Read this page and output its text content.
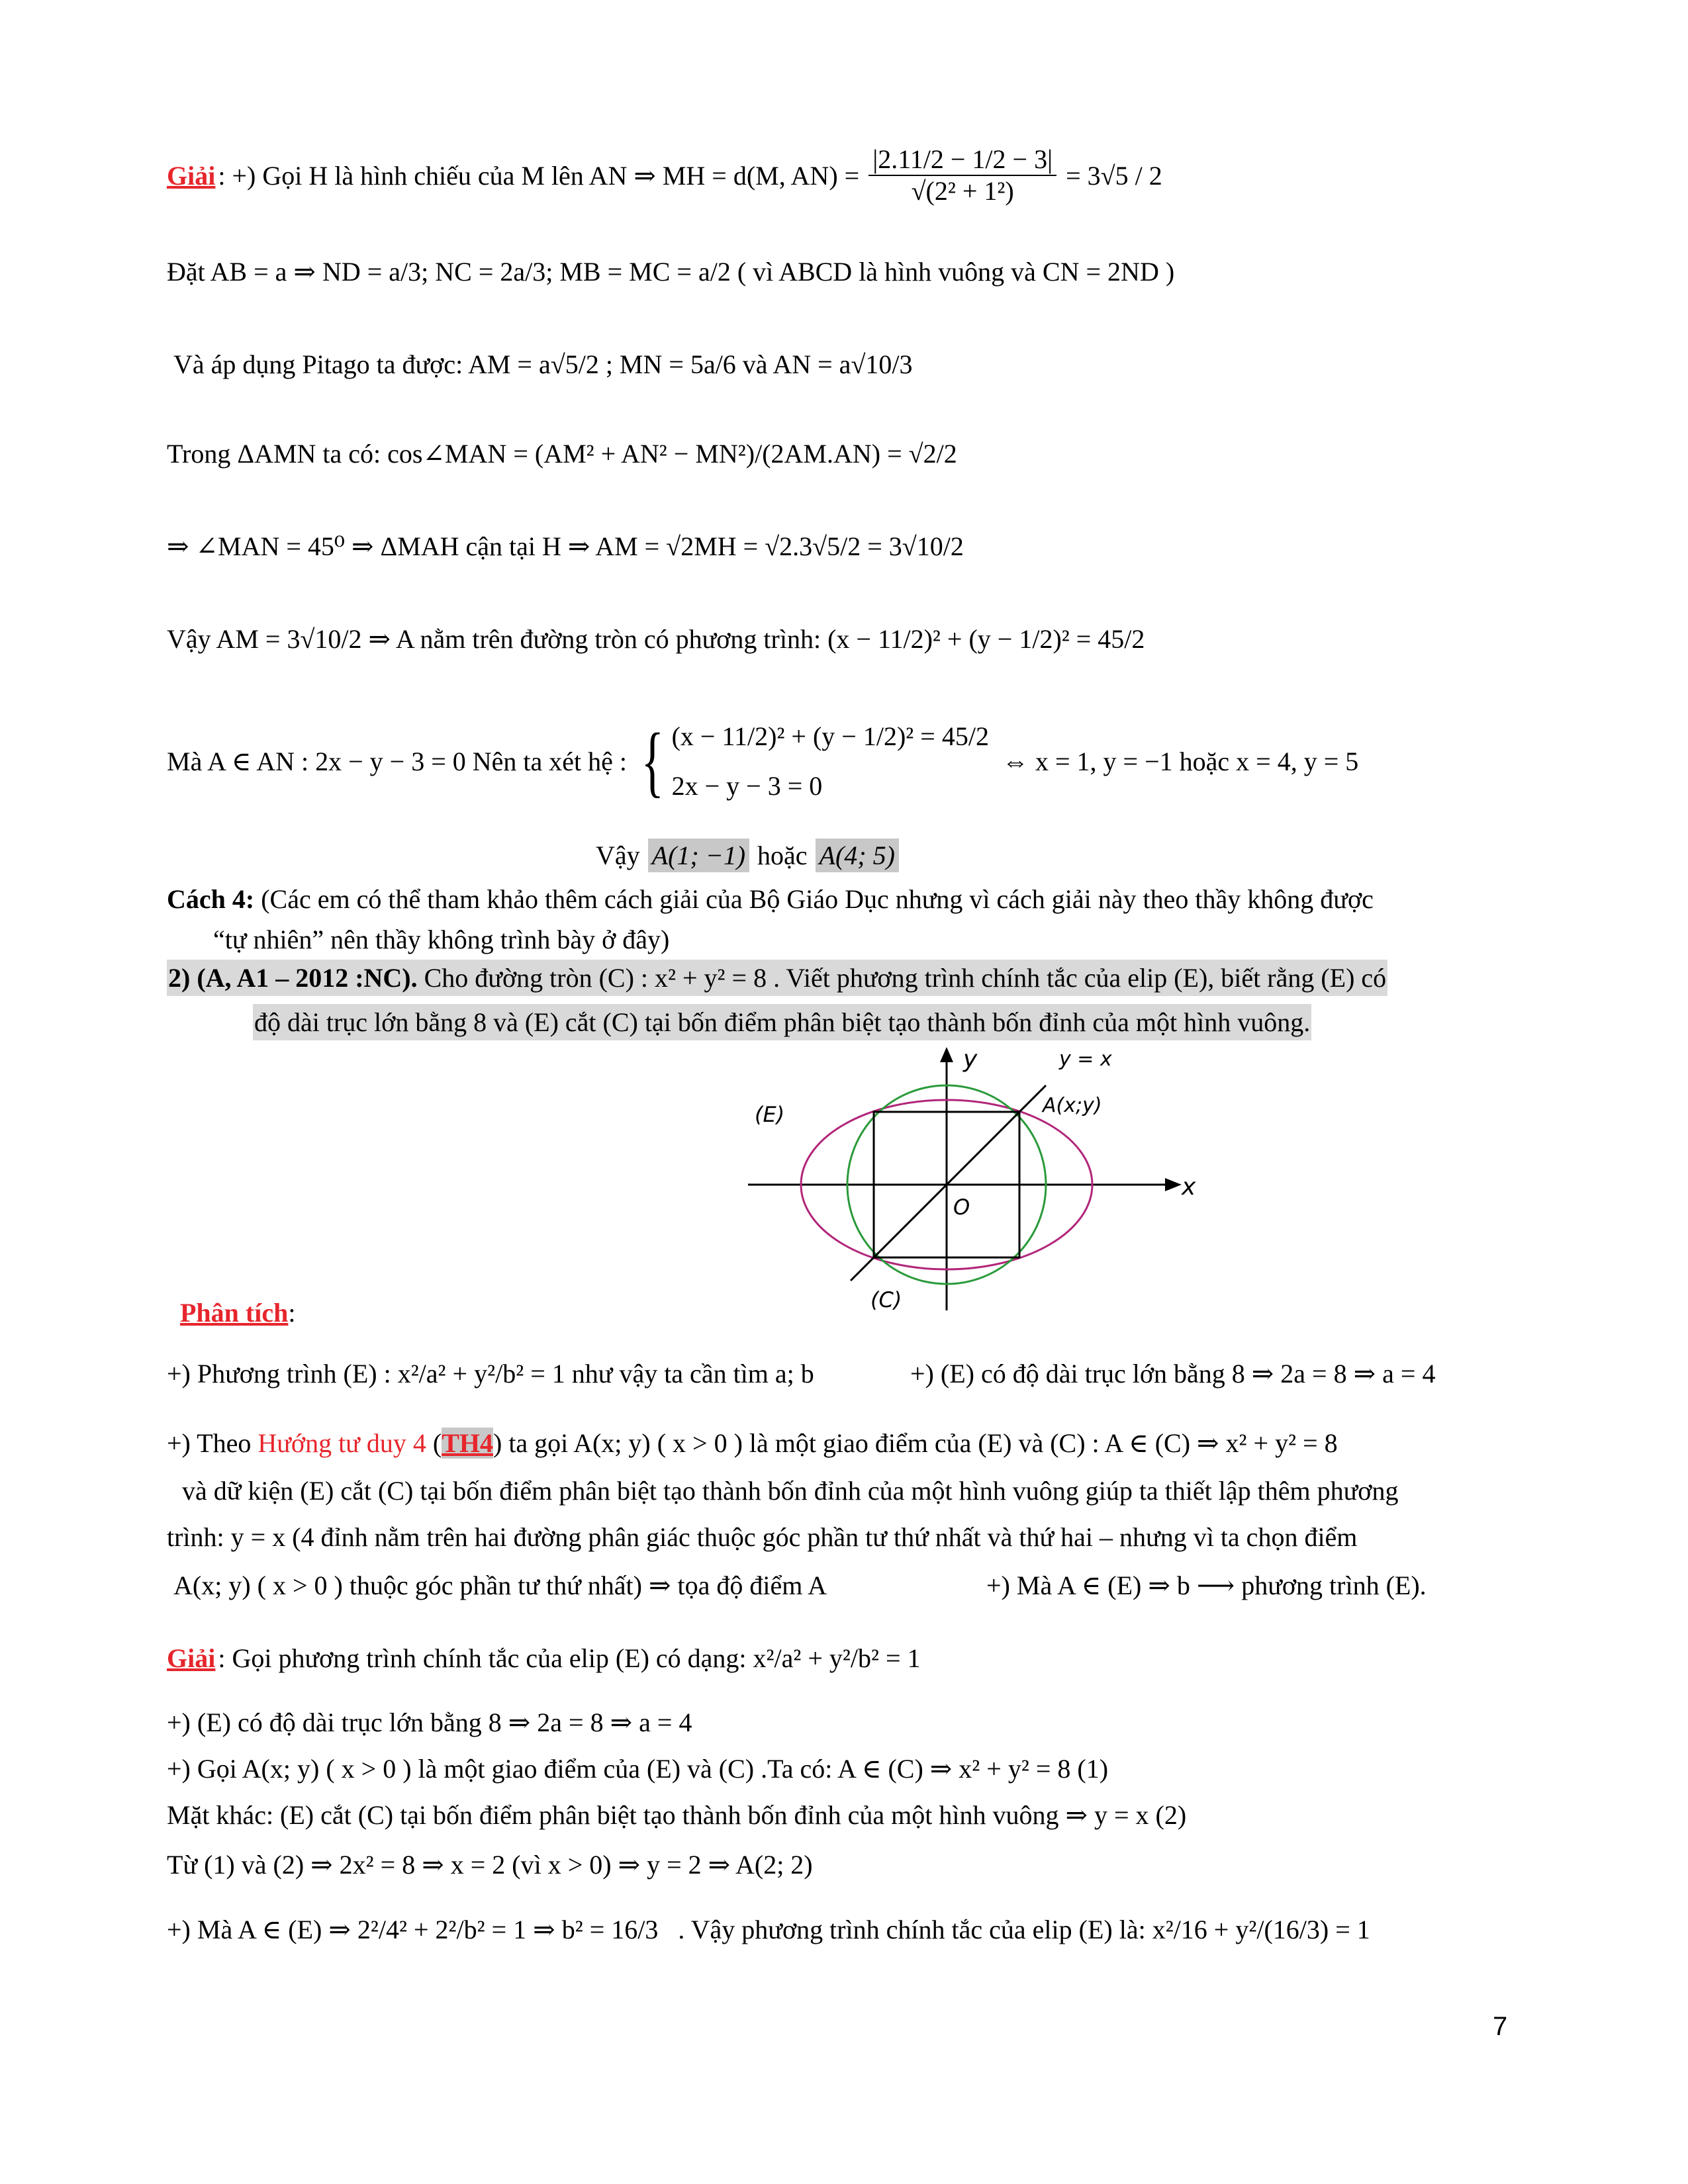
Giải : +) Gọi H là hình chiếu của M lên AN ⇒ MH = d(M, $AN) = \frac{|2.11/2 - 1/2 - 3|}{\text{√(2² + 1²)}} = 3√5 / 2$
Đặt AB = a ⇒ ND = a/3; NC = 2a/3; MB = MC = a/2 ( vì ABCD là hình vuông và CN = 2ND )
Và áp dụng Pitago ta được: AM = a√5/2 ; MN = 5a/6 và AN = a√10/3
Trong ΔAMN ta có: cos∠MAN = (AM² + AN² − MN²)/(2AM.AN) = √2/2
⇒ ∠MAN = 45⁰ ⇒ ΔMAH cận tại H ⇒ AM = √2MH = √2.3√5/2 = 3√10/2
Vậy AM = 3√10/2 ⇒ A nằm trên đường tròn có phương trình: (x − 11/2)² + (y − 1/2)² = 45/2
Mà A ∈ AN : 2x − y − 3 = 0 Nên ta xét hệ : { (x − 11/2)² + (y − 1/2)² = 45/2
2x − y − 3 = 0
⇔ x = 1, y = −1 hoặc x = 4, y = 5
Vậy A(1; −1) hoặc A(4; 5)
Cách 4: (Các em có thể tham khảo thêm cách giải của Bộ Giáo Dục nhưng vì cách giải này theo thầy không được
“tự nhiên” nên thầy không trình bày ở đây)
2) (A, A1 – 2012 :NC). Cho đường tròn (C) : x² + y² = 8 . Viết phương trình chính tắc của elip (E), biết rằng (E) có
độ dài trục lớn bằng 8 và (E) cắt (C) tại bốn điểm phân biệt tạo thành bốn đỉnh của một hình vuông.
y	y = x
(E)	A(x;y)
x
O
(C)
Phân tích:
+) Phương trình (E) : x²/a² + y²/b² = 1 như vậy ta cần tìm a; b	+) (E) có độ dài trục lớn bằng 8 ⇒ 2a = 8 ⇒ a = 4
+) Theo Hướng tư duy 4 ( TH4 ) ta gọi A(x; y) ( x > 0 ) là một giao điểm của (E) và (C) : A ∈ (C) ⇒ x² + y² = 8
và dữ kiện (E) cắt (C) tại bốn điểm phân biệt tạo thành bốn đỉnh của một hình vuông giúp ta thiết lập thêm phương
trình: y = x (4 đỉnh nằm trên hai đường phân giác thuộc góc phần tư thứ nhất và thứ hai – nhưng vì ta chọn điểm
A(x; y) ( x > 0 ) thuộc góc phần tư thứ nhất) ⇒ tọa độ điểm A	+) Mà A ∈ (E) ⇒ b ⟶ phương trình (E).
Giải : Gọi phương trình chính tắc của elip (E) có dạng: x²/a² + y²/b² = 1
+) (E) có độ dài trục lớn bằng 8 ⇒ 2a = 8 ⇒ a = 4
+) Gọi A(x; y) ( x > 0 ) là một giao điểm của (E) và (C) .Ta có: A ∈ (C) ⇒ x² + y² = 8 (1)
Mặt khác: (E) cắt (C) tại bốn điểm phân biệt tạo thành bốn đỉnh của một hình vuông ⇒ y = x (2)
Từ (1) và (2) ⇒ 2x² = 8 ⇒ x = 2 (vì x > 0) ⇒ y = 2 ⇒ A(2; 2)
+) Mà A ∈ (E) ⇒ 2²/4² + 2²/b² = 1 ⇒ b² = 16/3 . Vậy phương trình chính tắc của elip (E) là: x²/16 + y²/(16/3) = 1
7
